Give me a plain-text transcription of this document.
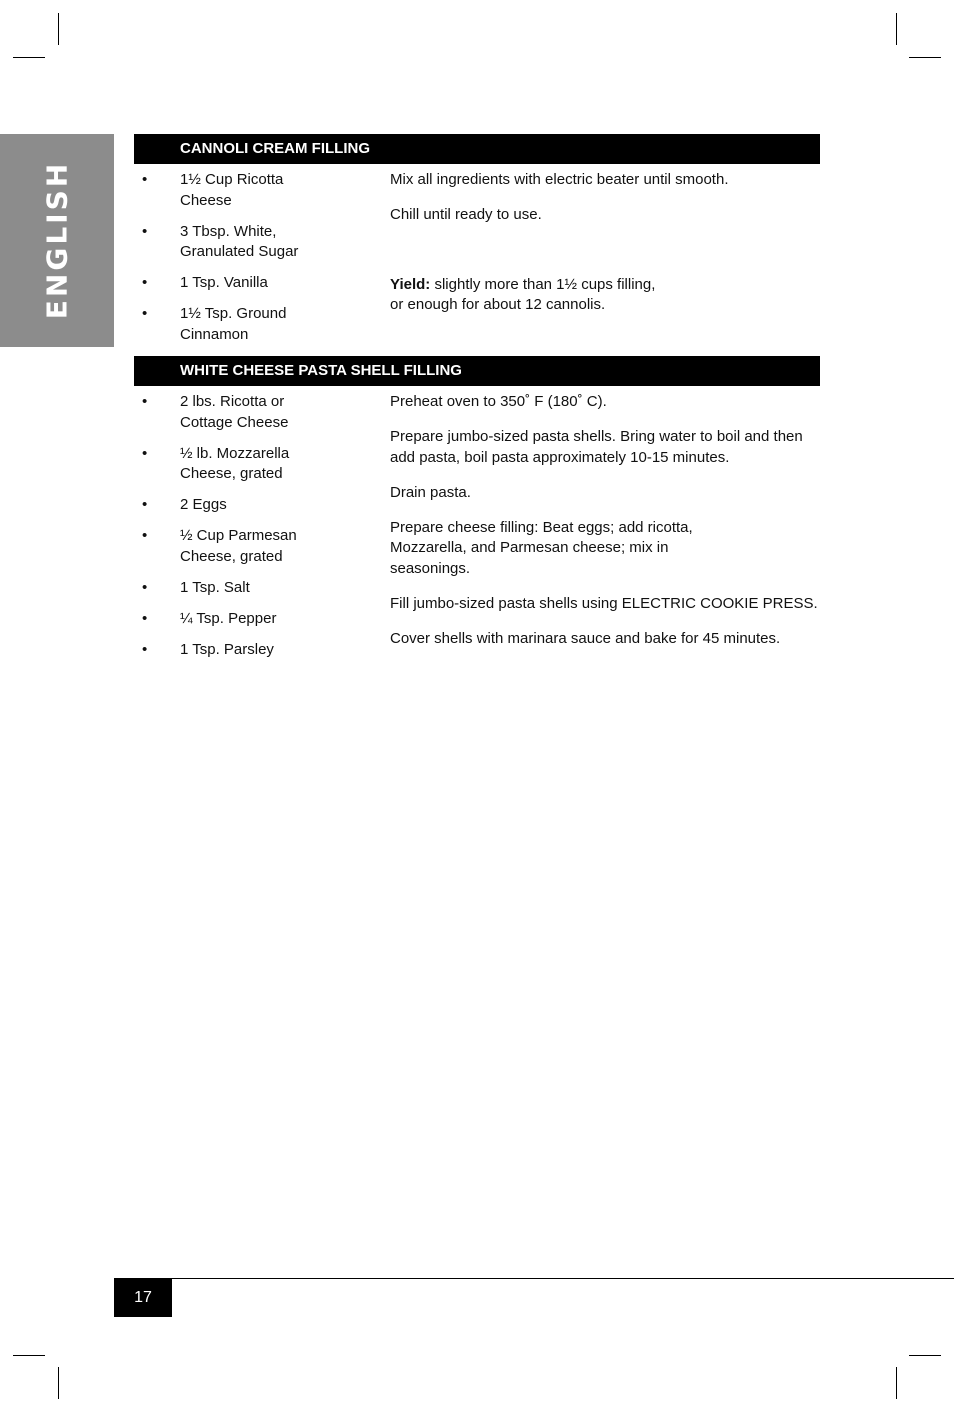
ENGLISH
CANNOLI CREAM FILLING
• 1½ Cup Ricotta Cheese
• 3 Tbsp. White, Granulated Sugar
• 1 Tsp. Vanilla
• 1½ Tsp. Ground Cinnamon

Mix all ingredients with electric beater until smooth.

Chill until ready to use.

Yield: slightly more than 1½ cups filling,
or enough for about 12 cannolis.

WHITE CHEESE PASTA SHELL FILLING
• 2 lbs. Ricotta or Cottage Cheese
• ½ lb. Mozzarella Cheese, grated
• 2 Eggs
• ½ Cup Parmesan Cheese, grated
• 1 Tsp. Salt
• ¼ Tsp. Pepper
• 1 Tsp. Parsley

Preheat oven to 350˚ F (180˚ C).

Prepare jumbo-sized pasta shells. Bring water to boil and then add pasta, boil pasta approximately 10-15 minutes.

Drain pasta.

Prepare cheese filling: Beat eggs; add ricotta, Mozzarella, and Parmesan cheese; mix in seasonings.

Fill jumbo-sized pasta shells using ELECTRIC COOKIE PRESS.

Cover shells with marinara sauce and bake for 45 minutes.

17
